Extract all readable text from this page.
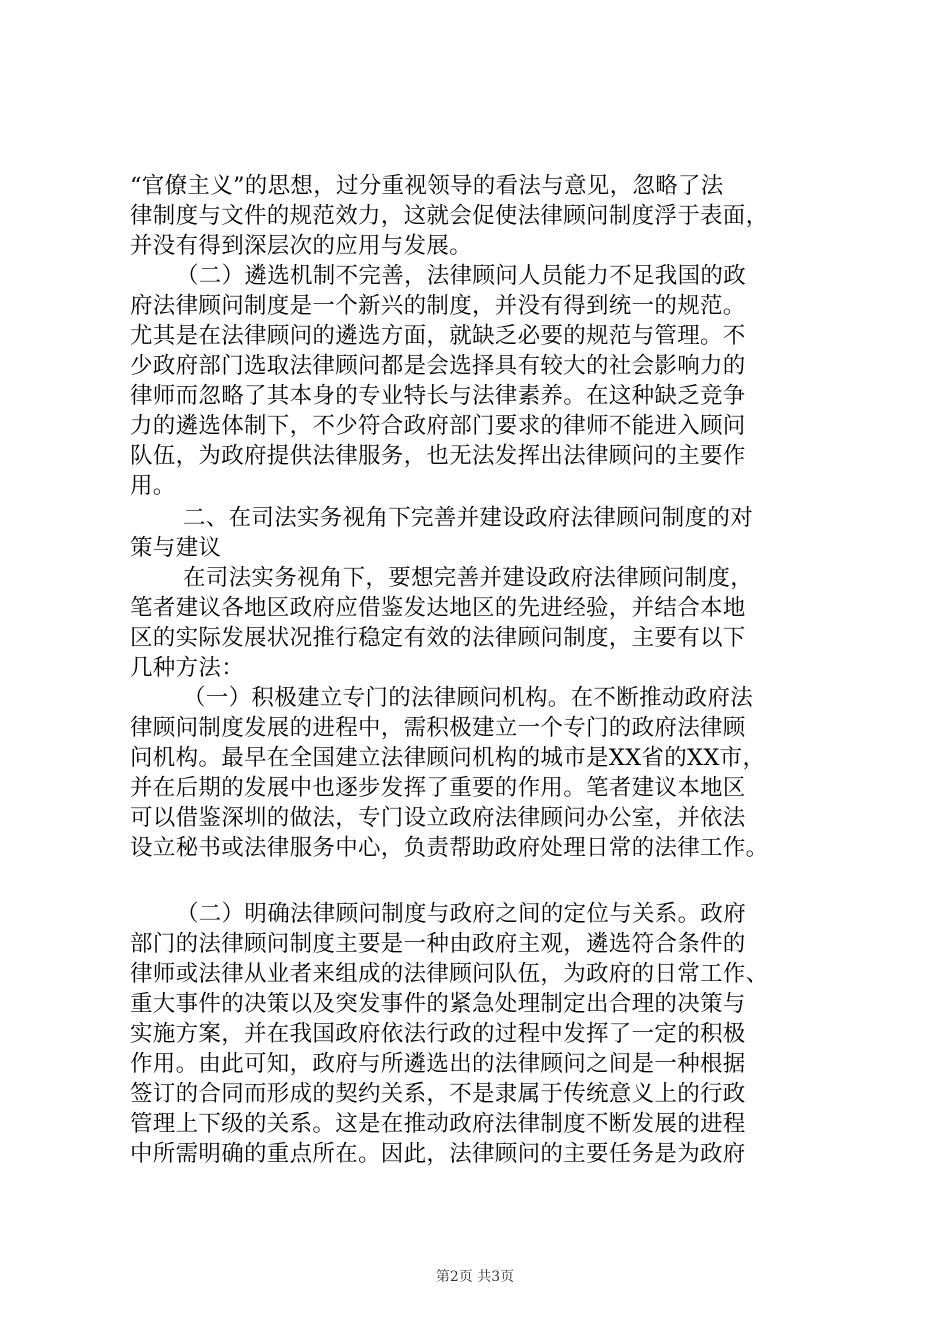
“官僚主义”的思想，过分重视领导的看法与意见，忽略了法
律制度与文件的规范效力，这就会促使法律顾问制度浮于表面，
并没有得到深层次的应用与发展。
（二）遴选机制不完善，法律顾问人员能力不足我国的政
府法律顾问制度是一个新兴的制度，并没有得到统一的规范。
尤其是在法律顾问的遴选方面，就缺乏必要的规范与管理。不
少政府部门选取法律顾问都是会选择具有较大的社会影响力的
律师而忽略了其本身的专业特长与法律素养。在这种缺乏竞争
力的遴选体制下，不少符合政府部门要求的律师不能进入顾问
队伍，为政府提供法律服务，也无法发挥出法律顾问的主要作
用。
二、在司法实务视角下完善并建设政府法律顾问制度的对
策与建议
在司法实务视角下，要想完善并建设政府法律顾问制度，
笔者建议各地区政府应借鉴发达地区的先进经验，并结合本地
区的实际发展状况推行稳定有效的法律顾问制度，主要有以下
几种方法：
（一）积极建立专门的法律顾问机构。在不断推动政府法
律顾问制度发展的进程中，需积极建立一个专门的政府法律顾
问机构。最早在全国建立法律顾问机构的城市是XX省的XX市，
并在后期的发展中也逐步发挥了重要的作用。笔者建议本地区
可以借鉴深圳的做法，专门设立政府法律顾问办公室，并依法
设立秘书或法律服务中心，负责帮助政府处理日常的法律工作。
（二）明确法律顾问制度与政府之间的定位与关系。政府
部门的法律顾问制度主要是一种由政府主观，遴选符合条件的
律师或法律从业者来组成的法律顾问队伍，为政府的日常工作、
重大事件的决策以及突发事件的紧急处理制定出合理的决策与
实施方案，并在我国政府依法行政的过程中发挥了一定的积极
作用。由此可知，政府与所遴选出的法律顾问之间是一种根据
签订的合同而形成的契约关系，不是隶属于传统意义上的行政
管理上下级的关系。这是在推动政府法律制度不断发展的进程
中所需明确的重点所在。因此，法律顾问的主要任务是为政府
第2页 共3页
